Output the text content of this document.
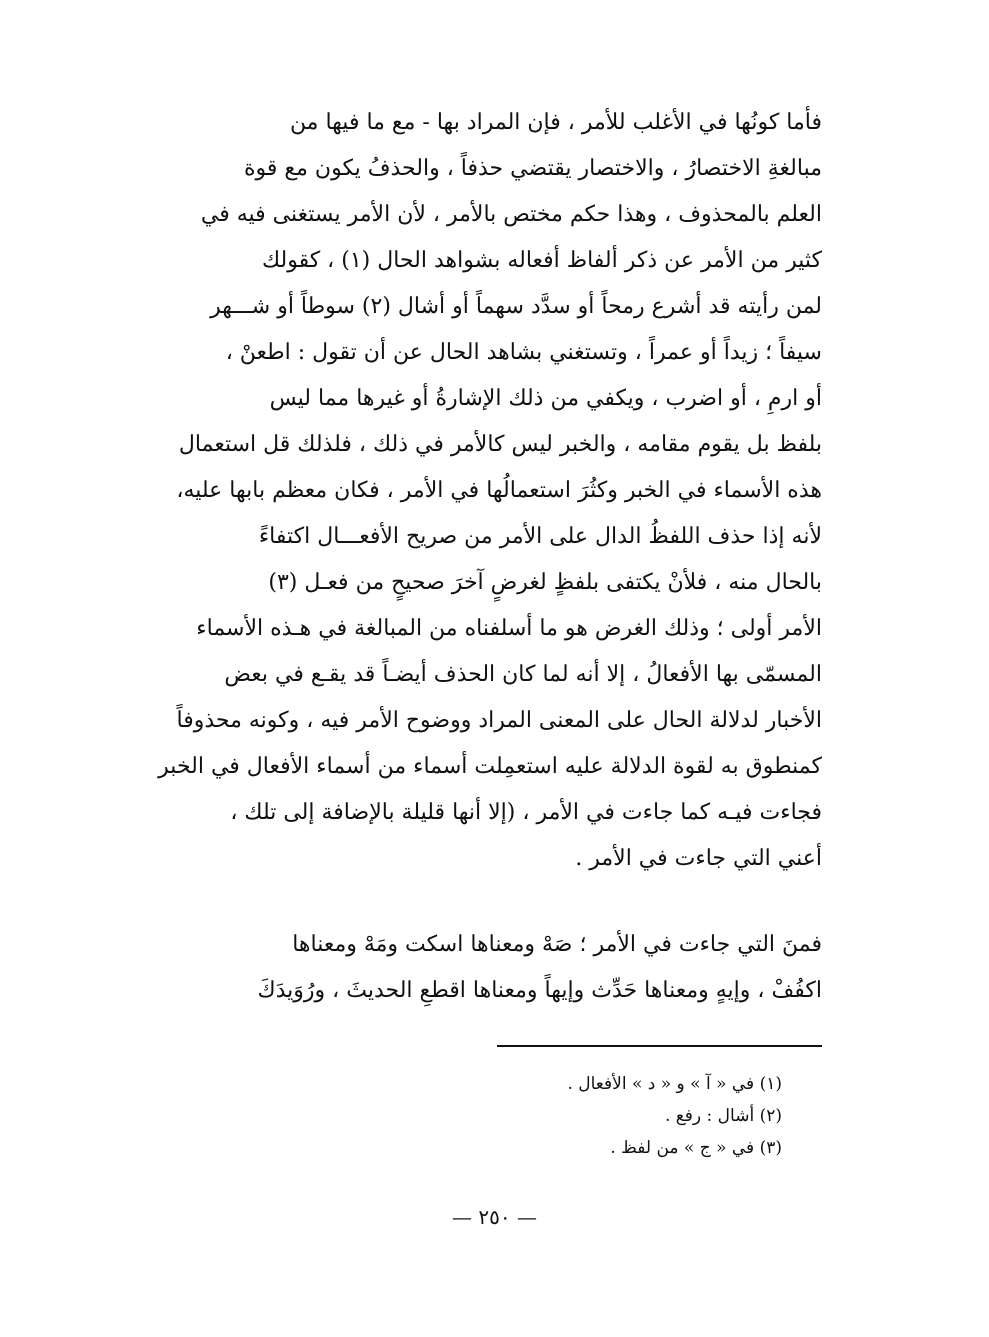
فأما كونُها في الأغلب للأمر ، فإن المراد بها - مع ما فيها من
مبالغةِ الاختصارُ ، والاختصار يقتضي حذفاً ، والحذفُ يكون مع قوة
العلم بالمحذوف ، وهذا حكم مختص بالأمر ، لأن الأمر يستغنى فيه في
كثير من الأمر عن ذكر ألفاظ أفعاله بشواهد الحال (١) ، كقولك
لمن رأيته قد أشرع رمحاً أو سدَّد سهماً أو أشال (٢) سوطاً أو شـــهر
سيفاً ؛ زيداً أو عمراً ، وتستغني بشاهد الحال عن أن تقول : اطعنْ ،
أو ارمِ ، أو اضرب ، ويكفي من ذلك الإشارةُ أو غيرها مما ليس
بلفظ بل يقوم مقامه ، والخبر ليس كالأمر في ذلك ، فلذلك قل استعمال
هذه الأسماء في الخبر وكثُرَ استعمالُها في الأمر ، فكان معظم بابها عليه،
لأنه إذا حذف اللفظُ الدال على الأمر من صريح الأفعـــال اكتفاءً
بالحال منه ، فلأنْ يكتفى بلفظٍ لغرضٍ آخرَ صحيحٍ من فعـل (٣)
الأمر أولى ؛ وذلك الغرض هو ما أسلفناه من المبالغة في هـذه الأسماء
المسمّى بها الأفعالُ ، إلا أنه لما كان الحذف أيضـاً قد يقـع في بعض
الأخبار لدلالة الحال على المعنى المراد ووضوح الأمر فيه ، وكونه محذوفاً
كمنطوق به لقوة الدلالة عليه استعمِلت أسماء من أسماء الأفعال في الخبر
فجاءت فيـه كما جاءت في الأمر ، (إلا أنها قليلة بالإضافة إلى تلك ،
أعني التي جاءت في الأمر .

فمنَ التي جاءت في الأمر ؛ صَهْ ومعناها اسكت ومَهْ ومعناها
اكفُفْ ، وإيهٍ ومعناها حَدِّث وإيهاً ومعناها اقطعِ الحديثَ ، ورُوَيدَكَ

(١) في « آ » و « د » الأفعال .
(٢) أشال : رفع .
(٣) في « ج » من لفظ .
— ٢٥٠ —
